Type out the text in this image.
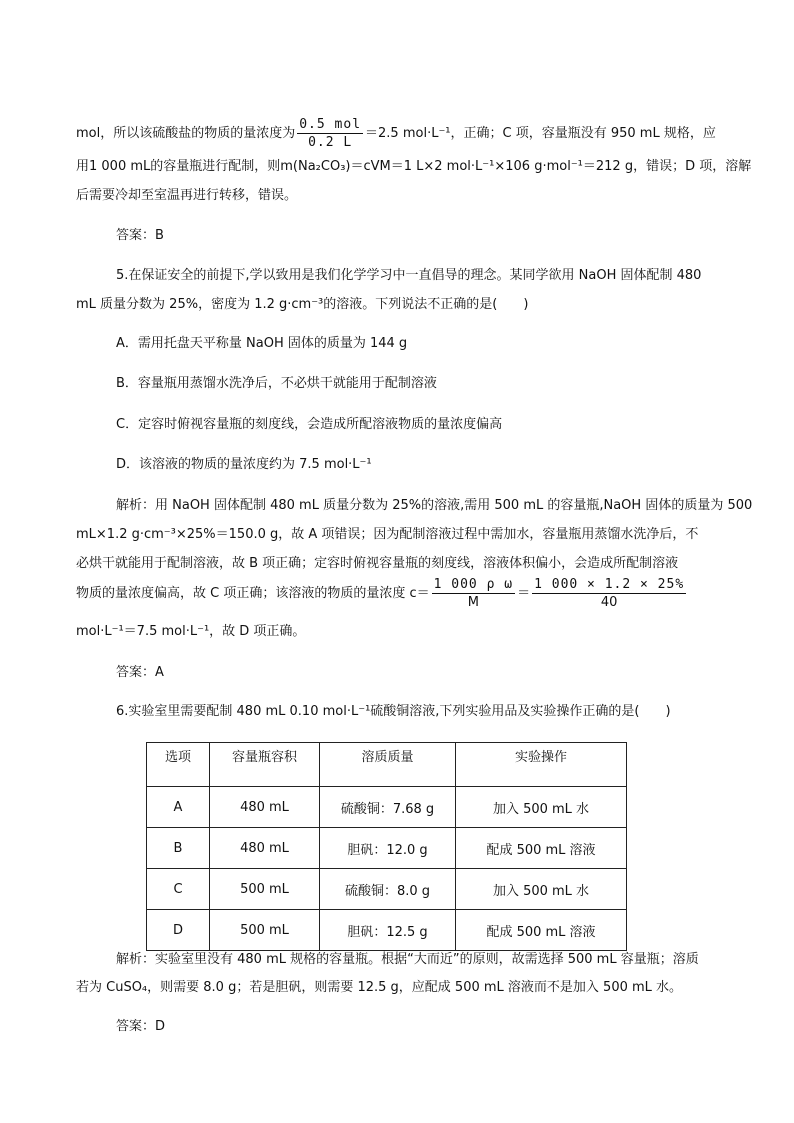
mol，所以该硫酸盐的物质的量浓度为 $\frac{\text{0.5 mol}}{0.2 L} =2.5$ mol·L⁻¹，正确；C 项，容量瓶没有 950 mL 规格，应
用1 000 mL的容量瓶进行配制，则m(Na₂CO₃)＝cVM＝1 L×2 mol·L⁻¹×106 g·mol⁻¹＝212 g，错误；D 项，溶解
后需要冷却至室温再进行转移，错误。
答案：B
5.在保证安全的前提下,学以致用是我们化学学习中一直倡导的理念。某同学欲用 NaOH 固体配制 480
mL 质量分数为 25%，密度为 1.2 g·cm⁻³的溶液。下列说法不正确的是(　　)
A．需用托盘天平称量 NaOH 固体的质量为 144 g
B．容量瓶用蒸馏水洗净后，不必烘干就能用于配制溶液
C．定容时俯视容量瓶的刻度线，会造成所配溶液物质的量浓度偏高
D．该溶液的物质的量浓度约为 7.5 mol·L⁻¹
解析：用 NaOH 固体配制 480 mL 质量分数为 25%的溶液,需用 500 mL 的容量瓶,NaOH 固体的质量为 500
mL×1.2 g·cm⁻³×25%＝150.0 g，故 A 项错误；因为配制溶液过程中需加水，容量瓶用蒸馏水洗净后，不
必烘干就能用于配制溶液，故 B 项正确；定容时俯视容量瓶的刻度线，溶液体积偏小，会造成所配制溶液
物质的量浓度偏高，故 C 项正确；该溶液的物质的量浓度 $c= \frac{\text{1 000 ρ ω}}{M} = \frac{1 000 \times 1.2 \times 25\%}{40}$
mol·L⁻¹＝7.5 mol·L⁻¹，故 D 项正确。
答案：A
6.实验室里需要配制 480 mL 0.10 mol·L⁻¹硫酸铜溶液,下列实验用品及实验操作正确的是(　　)
选项	容量瓶容积	溶质质量	实验操作
A	480 mL	硫酸铜：7.68 g	加入 500 mL 水
B	480 mL	胆矾：12.0 g	配成 500 mL 溶液
C	500 mL	硫酸铜：8.0 g	加入 500 mL 水
D	500 mL	胆矾：12.5 g	配成 500 mL 溶液
解析：实验室里没有 480 mL 规格的容量瓶。根据“大而近”的原则，故需选择 500 mL 容量瓶；溶质
若为 CuSO₄，则需要 8.0 g；若是胆矾，则需要 12.5 g，应配成 500 mL 溶液而不是加入 500 mL 水。
答案：D
